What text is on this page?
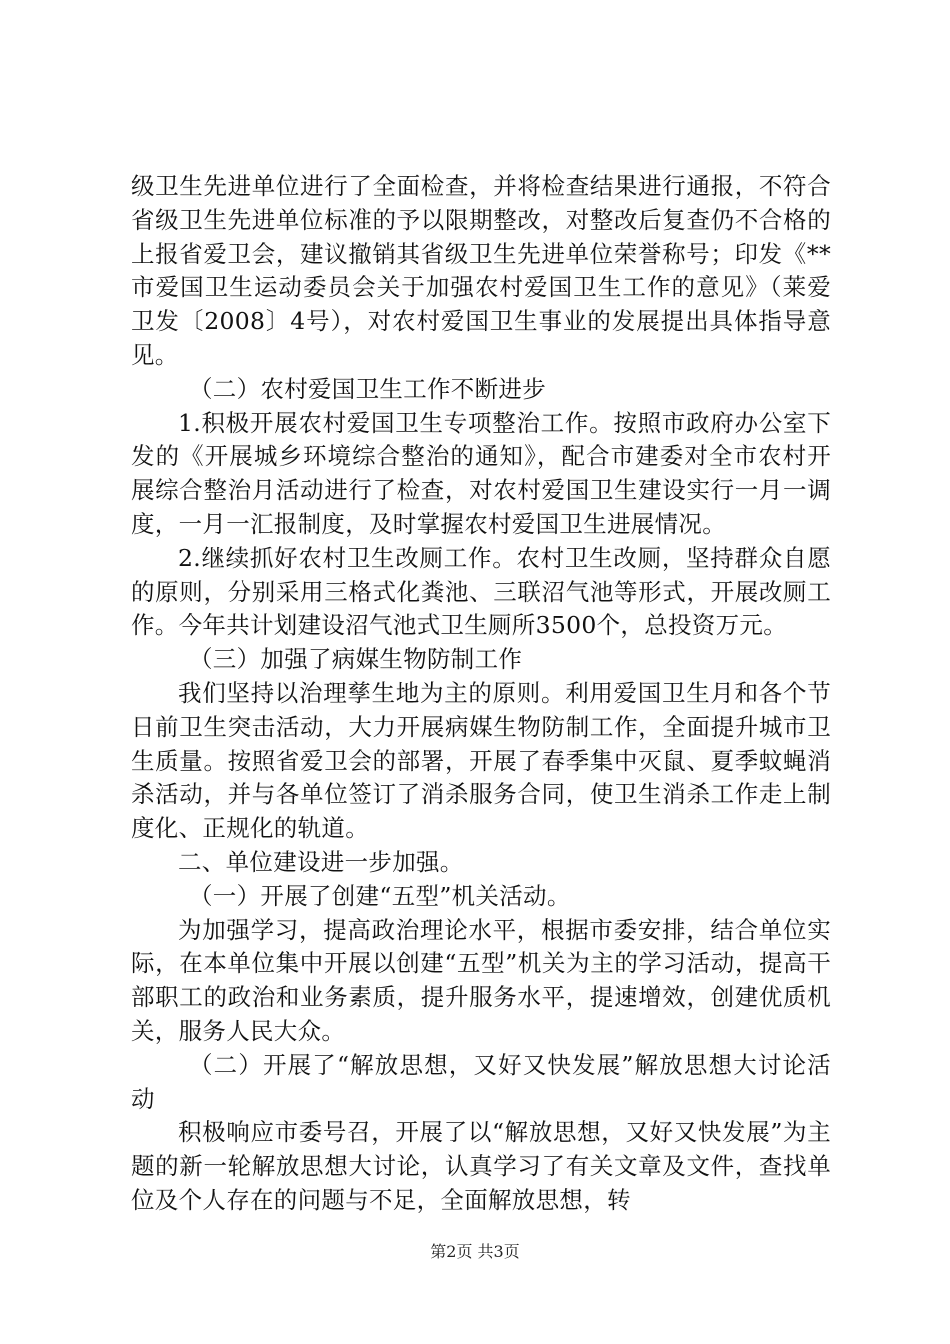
级卫生先进单位进行了全面检查，并将检查结果进行通报，不符合省级卫生先进单位标准的予以限期整改，对整改后复查仍不合格的上报省爱卫会，建议撤销其省级卫生先进单位荣誉称号；印发《**市爱国卫生运动委员会关于加强农村爱国卫生工作的意见》（莱爱卫发〔2008〕4号），对农村爱国卫生事业的发展提出具体指导意见。

（二）农村爱国卫生工作不断进步

1.积极开展农村爱国卫生专项整治工作。按照市政府办公室下发的《开展城乡环境综合整治的通知》，配合市建委对全市农村开展综合整治月活动进行了检查，对农村爱国卫生建设实行一月一调度，一月一汇报制度，及时掌握农村爱国卫生进展情况。

2.继续抓好农村卫生改厕工作。农村卫生改厕，坚持群众自愿的原则，分别采用三格式化粪池、三联沼气池等形式，开展改厕工作。今年共计划建设沼气池式卫生厕所3500个，总投资万元。

（三）加强了病媒生物防制工作

我们坚持以治理孳生地为主的原则。利用爱国卫生月和各个节日前卫生突击活动，大力开展病媒生物防制工作，全面提升城市卫生质量。按照省爱卫会的部署，开展了春季集中灭鼠、夏季蚊蝇消杀活动，并与各单位签订了消杀服务合同，使卫生消杀工作走上制度化、正规化的轨道。

二、单位建设进一步加强。

（一）开展了创建“五型”机关活动。

为加强学习，提高政治理论水平，根据市委安排，结合单位实际，在本单位集中开展以创建“五型”机关为主的学习活动，提高干部职工的政治和业务素质，提升服务水平，提速增效，创建优质机关，服务人民大众。

（二）开展了“解放思想，又好又快发展”解放思想大讨论活动

积极响应市委号召，开展了以“解放思想，又好又快发展”为主题的新一轮解放思想大讨论，认真学习了有关文章及文件，查找单位及个人存在的问题与不足，全面解放思想，转

第2页 共3页
